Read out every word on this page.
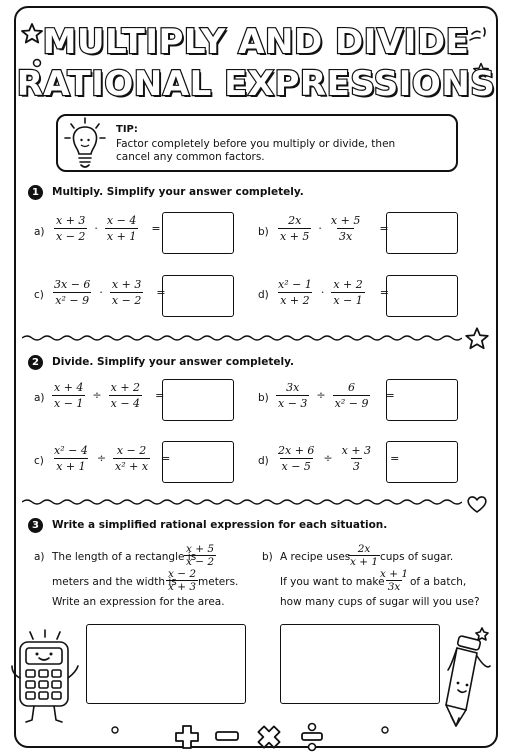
MULTIPLY AND DIVIDE
RATIONAL EXPRESSIONS
TIP:
Factor completely before you multiply or divide, then cancel any common factors.
1	Multiply. Simplify your answer completely.
$a) \frac{x + 3}{x - 2} \cdot \frac{x - 4}{x + 1}$ =	$b) \frac{2x}{x + 5} \cdot \frac{x + 5}{3x}$ =
$c) \frac{3x - 6}{\text{x² − 9}} \cdot \frac{x + 3}{x - 2}$ =	$d) \frac{\text{x² − 1}}{x + 2} \cdot \frac{x + 2}{x - 1}$ =
2	Divide. Simplify your answer completely.
$a) \frac{x + 4}{x - 1} \div \frac{x + 2}{x - 4}$ =	$b) \frac{3x}{x - 3} \div \frac{6}{\text{x² − 9}}$ =
$c) \frac{\text{x² − 4}}{x + 1} \div \frac{x - 2}{\text{x² + x}}$ =	$d) \frac{2x + 6}{x - 5} \div \frac{x + 3}{3}$ =
3	Write a simplified rational expression for each situation.
a) The length of a rectangle is
$\frac{x + 5}{x - 2}$
meters and the width is
$\frac{x - 2}{x + 3}$ meters.
Write an expression for the area.
b) A recipe uses
$\frac{2x}{x + 1}$ cups of sugar.
If you want to make
$\frac{x + 1}{3x}$ of a batch,
how many cups of sugar will you use?
